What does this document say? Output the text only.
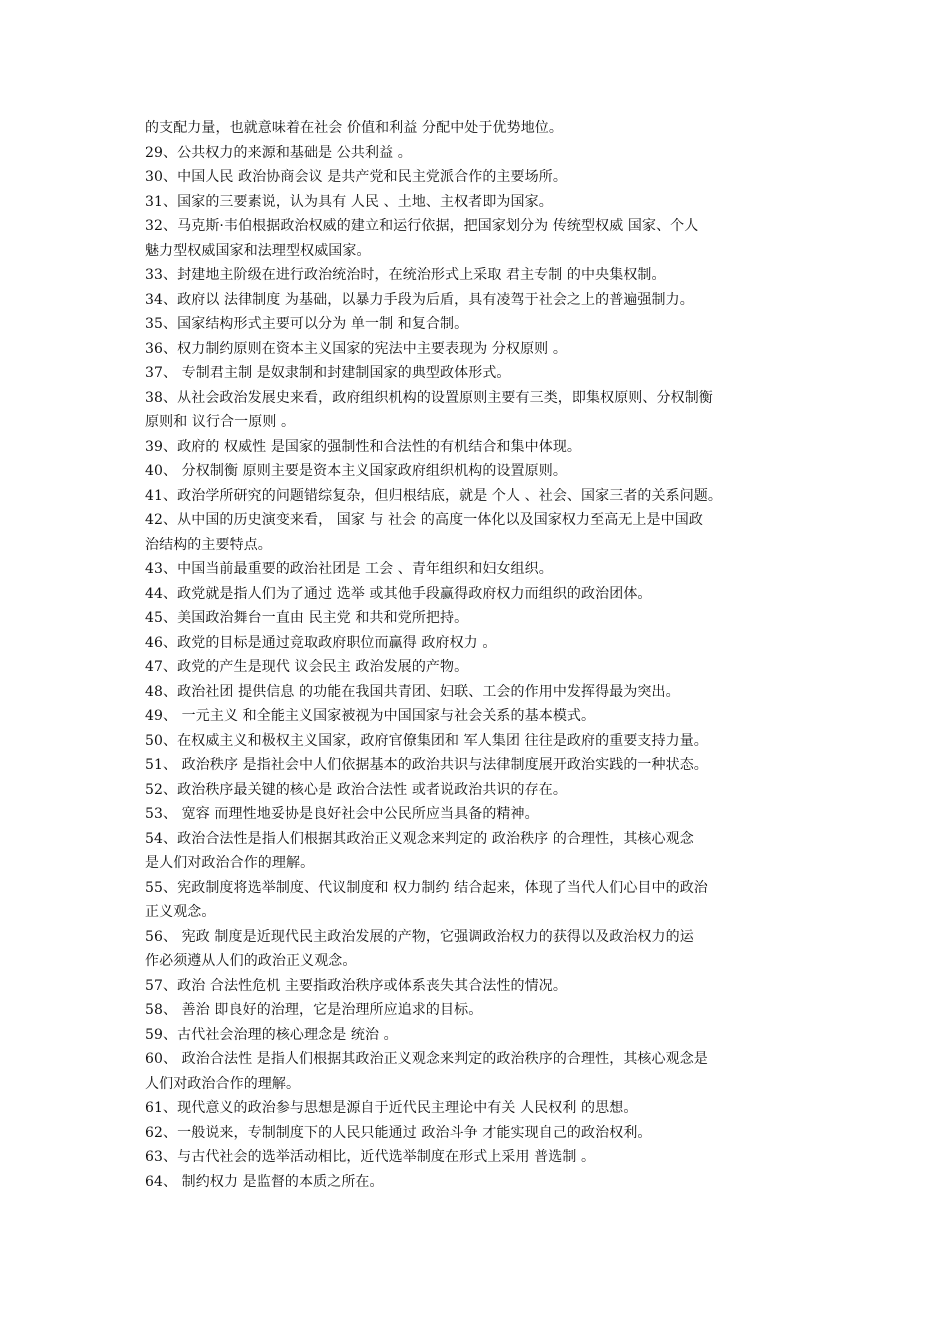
的支配力量，也就意味着在社会 价值和利益 分配中处于优势地位。
29、公共权力的来源和基础是 公共利益 。
30、中国人民 政治协商会议 是共产党和民主党派合作的主要场所。
31、国家的三要素说，认为具有 人民 、土地、主权者即为国家。
32、马克斯·韦伯根据政治权威的建立和运行依据，把国家划分为 传统型权威 国家、个人
魅力型权威国家和法理型权威国家。
33、封建地主阶级在进行政治统治时，在统治形式上采取 君主专制 的中央集权制。
34、政府以 法律制度 为基础，以暴力手段为后盾，具有凌驾于社会之上的普遍强制力。
35、国家结构形式主要可以分为 单一制 和复合制。
36、权力制约原则在资本主义国家的宪法中主要表现为 分权原则 。
37、 专制君主制 是奴隶制和封建制国家的典型政体形式。
38、从社会政治发展史来看，政府组织机构的设置原则主要有三类，即集权原则、分权制衡
原则和 议行合一原则 。
39、政府的 权威性 是国家的强制性和合法性的有机结合和集中体现。
40、 分权制衡 原则主要是资本主义国家政府组织机构的设置原则。
41、政治学所研究的问题错综复杂，但归根结底，就是 个人 、社会、国家三者的关系问题。
42、从中国的历史演变来看， 国家 与 社会 的高度一体化以及国家权力至高无上是中国政
治结构的主要特点。
43、中国当前最重要的政治社团是 工会 、青年组织和妇女组织。
44、政党就是指人们为了通过 选举 或其他手段赢得政府权力而组织的政治团体。
45、美国政治舞台一直由 民主党 和共和党所把持。
46、政党的目标是通过竞取政府职位而赢得 政府权力 。
47、政党的产生是现代 议会民主 政治发展的产物。
48、政治社团 提供信息 的功能在我国共青团、妇联、工会的作用中发挥得最为突出。
49、 一元主义 和全能主义国家被视为中国国家与社会关系的基本模式。
50、在权威主义和极权主义国家，政府官僚集团和 军人集团 往往是政府的重要支持力量。
51、 政治秩序 是指社会中人们依据基本的政治共识与法律制度展开政治实践的一种状态。
52、政治秩序最关键的核心是 政治合法性 或者说政治共识的存在。
53、 宽容 而理性地妥协是良好社会中公民所应当具备的精神。
54、政治合法性是指人们根据其政治正义观念来判定的 政治秩序 的合理性，其核心观念
是人们对政治合作的理解。
55、宪政制度将选举制度、代议制度和 权力制约 结合起来，体现了当代人们心目中的政治
正义观念。
56、 宪政 制度是近现代民主政治发展的产物，它强调政治权力的获得以及政治权力的运
作必须遵从人们的政治正义观念。
57、政治 合法性危机 主要指政治秩序或体系丧失其合法性的情况。
58、 善治 即良好的治理，它是治理所应追求的目标。
59、古代社会治理的核心理念是 统治 。
60、 政治合法性 是指人们根据其政治正义观念来判定的政治秩序的合理性，其核心观念是
人们对政治合作的理解。
61、现代意义的政治参与思想是源自于近代民主理论中有关 人民权利 的思想。
62、一般说来，专制制度下的人民只能通过 政治斗争 才能实现自己的政治权利。
63、与古代社会的选举活动相比，近代选举制度在形式上采用 普选制 。
64、 制约权力 是监督的本质之所在。
